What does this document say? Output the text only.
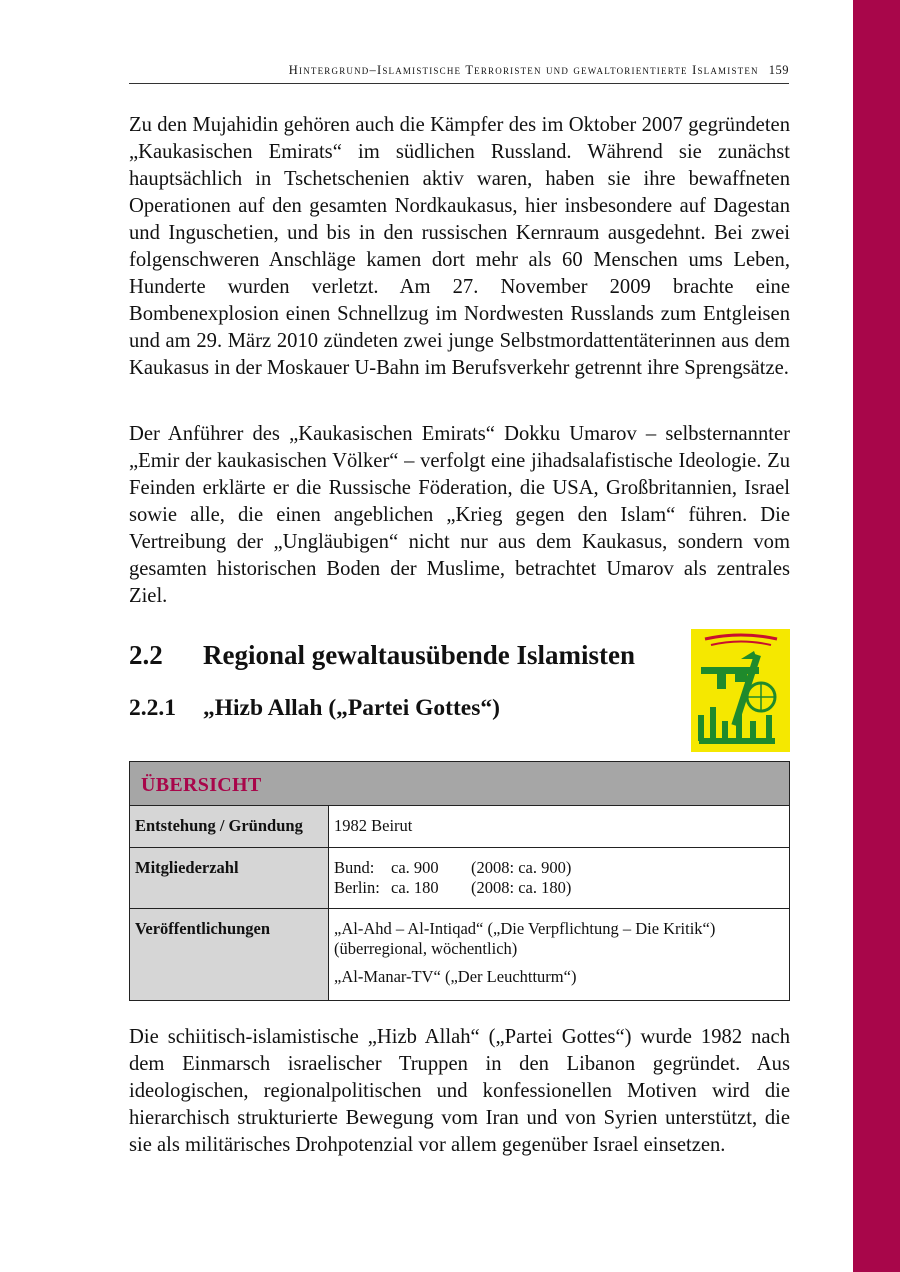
Hintergrund–Islamistische Terroristen und gewaltorientierte Islamisten 159

Zu den Mujahidin gehören auch die Kämpfer des im Oktober 2007 gegründeten „Kaukasischen Emirats“ im südlichen Russland. Während sie zunächst hauptsächlich in Tschetschenien aktiv waren, haben sie ihre bewaffneten Operationen auf den gesamten Nordkaukasus, hier insbesondere auf Dagestan und Inguschetien, und bis in den russischen Kernraum ausgedehnt. Bei zwei folgenschweren Anschläge kamen dort mehr als 60 Menschen ums Leben, Hunderte wurden verletzt. Am 27. November 2009 brachte eine Bombenexplosion einen Schnellzug im Nordwesten Russlands zum Entgleisen und am 29. März 2010 zündeten zwei junge Selbstmordattentäterinnen aus dem Kaukasus in der Moskauer U-Bahn im Berufsverkehr getrennt ihre Sprengsätze.

Der Anführer des „Kaukasischen Emirats“ Dokku Umarov – selbsternannter „Emir der kaukasischen Völker“ – verfolgt eine jihadsalafistische Ideologie. Zu Feinden erklärte er die Russische Föderation, die USA, Großbritannien, Israel sowie alle, die einen angeblichen „Krieg gegen den Islam“ führen. Die Vertreibung der „Ungläubigen“ nicht nur aus dem Kaukasus, sondern vom gesamten historischen Boden der Muslime, betrachtet Umarov als zentrales Ziel.

2.2 Regional gewaltausübende Islamisten
2.2.1 „Hizb Allah („Partei Gottes“)
ÜBERSICHT
Entstehung / Gründung	1982 Beirut
Mitgliederzahl	Bund: ca. 900 (2008: ca. 900)
Berlin: ca. 180 (2008: ca. 180)
Veröffentlichungen	„Al-Ahd – Al-Intiqad“ („Die Verpflichtung – Die Kritik“)
(überregional, wöchentlich)
„Al-Manar-TV“ („Der Leuchtturm“)

Die schiitisch-islamistische „Hizb Allah“ („Partei Gottes“) wurde 1982 nach dem Einmarsch israelischer Truppen in den Libanon gegründet. Aus ideologischen, regionalpolitischen und konfessionellen Motiven wird die hierarchisch strukturierte Bewegung vom Iran und von Syrien unterstützt, die sie als militärisches Drohpotenzial vor allem gegenüber Israel einsetzen.
